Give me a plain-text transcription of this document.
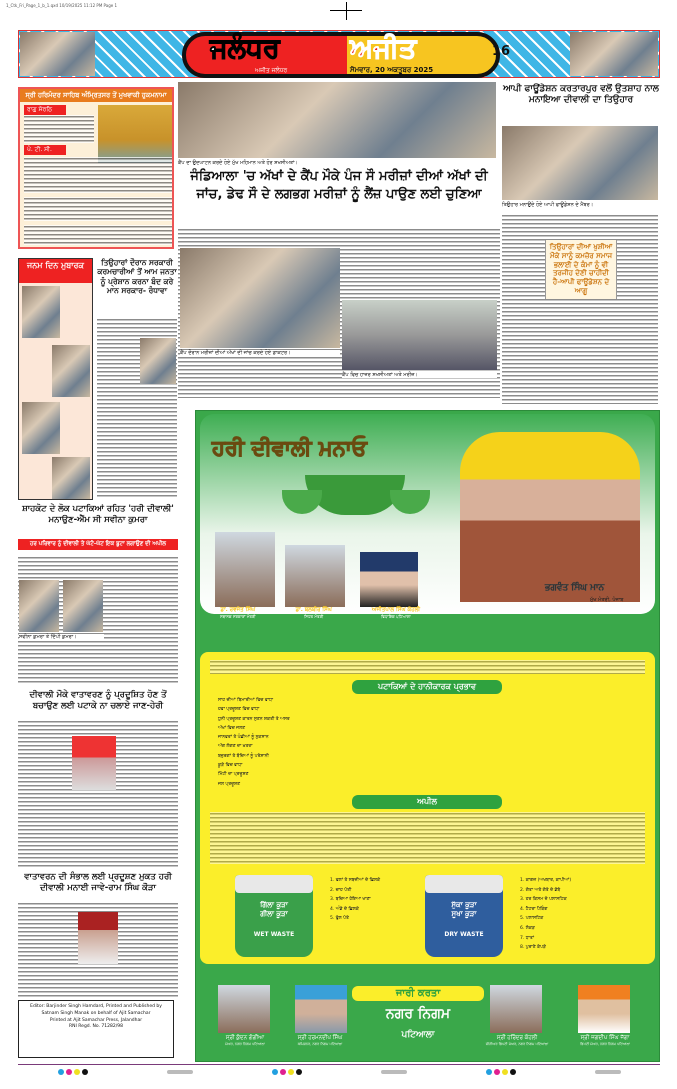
1_Ctk_Fri_Page_1_b_1.qxd 10/19/2025 11:12 PM Page 1
ਜਲੰਧਰ	ਅਜੀਤ
ਅਜੀਤ ਜਲੰਧਰ	ਸੋਮਵਾਰ, 20 ਅਕਤੂਬਰ 2025
16
ਸ੍ਰੀ ਹਰਿਮੰਦਰ ਸਾਹਿਬ ਅੰਮ੍ਰਿਤਸਰ ਤੋਂ ਮੁਖਵਾਕੀ ਹੁਕਮਨਾਮਾ
ਰਾਗੁ ਸੋਰਠਿ
ਪੰ. ਟੀ. ਸੀ.
ਜਨਮ ਦਿਨ ਮੁਬਾਰਕ	ਤਿਉਹਾਰਾਂ ਦੌਰਾਨ ਸਰਕਾਰੀ ਕਰਮਚਾਰੀਆਂ ਤੋਂ ਆਮ ਜਨਤਾ ਨੂੰ ਪ੍ਰੇਸ਼ਾਨ ਕਰਨਾ ਬੰਦ ਕਰੇ ਮਾਨ ਸਰਕਾਰ- ਰੰਧਾਵਾ
ਸ਼ਾਹਕੋਟ ਦੇ ਲੋਕ ਪਟਾਕਿਆਂ ਰਹਿਤ 'ਹਰੀ ਦੀਵਾਲੀ' ਮਨਾਉਣ-ਐੱਮ ਸੀ ਸਵੀਨਾ ਕੁਮਰਾ
ਹਰ ਪਰਿਵਾਰ ਨੂੰ ਦੀਵਾਲੀ ਤੇ ਘੱਟੋ-ਘੱਟ ਇਕ ਬੂਟਾ ਲਗਾਉਣ ਦੀ ਅਪੀਲ
ਸਵੀਨਾ ਕੁਮਰਾ ਤੇ ਦਿੱਪੀ ਕੁਮਰਾ।
ਦੀਵਾਲੀ ਮੌਕੇ ਵਾਤਾਵਰਣ ਨੂੰ ਪ੍ਰਦੂਸ਼ਿਤ ਹੋਣ ਤੋਂ ਬਚਾਉਣ ਲਈ ਪਟਾਕੇ ਨਾ ਚਲਾਏ ਜਾਣ-ਹੇਰੀ
ਵਾਤਾਵਰਨ ਦੀ ਸੰਭਾਲ ਲਈ ਪ੍ਰਦੂਸ਼ਣ ਮੁਕਤ ਹਰੀ ਦੀਵਾਲੀ ਮਨਾਈ ਜਾਵੇ-ਰਾਮ ਸਿੰਘ ਕੌੜਾ
Editor: Barjinder Singh Hamdard, Printed and Published by Satnam Singh Manak on behalf of Ajit Samachar
Printed at Ajit Samachar Press, Jalandhar
RNI Regd. No. 71282/98
ਕੈਂਪ ਦਾ ਉਦਘਾਟਨ ਕਰਦੇ ਹੋਏ ਮੁੱਖ ਮਹਿਮਾਨ ਅਤੇ ਹੋਰ ਸ਼ਖਸੀਅਤਾਂ।
ਜੰਡਿਆਲਾ 'ਚ ਅੱਖਾਂ ਦੇ ਕੈਂਪ ਮੌਕੇ ਪੰਜ ਸੌ ਮਰੀਜ਼ਾਂ ਦੀਆਂ ਅੱਖਾਂ ਦੀ ਜਾਂਚ, ਡੇਢ ਸੌ ਦੇ ਲਗਭਗ ਮਰੀਜ਼ਾਂ ਨੂੰ ਲੈਂਜ਼ ਪਾਉਣ ਲਈ ਚੁਣਿਆ
ਕੈਂਪ ਦੌਰਾਨ ਮਰੀਜ਼ਾਂ ਦੀਆਂ ਅੱਖਾਂ ਦੀ ਜਾਂਚ ਕਰਦੇ ਹੋਏ ਡਾਕਟਰ।
ਕੈਂਪ ਵਿਚ ਹਾਜ਼ਰ ਸ਼ਖਸੀਅਤਾਂ ਅਤੇ ਮਰੀਜ਼।
ਆਪੀ ਫਾਊਂਡੇਸ਼ਨ ਕਰਤਾਰਪੁਰ ਵਲੋਂ ਉਤਸ਼ਾਹ ਨਾਲ ਮਨਾਇਆ ਦੀਵਾਲੀ ਦਾ ਤਿਉਹਾਰ
ਤਿਉਹਾਰ ਮਨਾਉਂਦੇ ਹੋਏ ਆਪੀ ਫਾਊਂਡੇਸ਼ਨ ਦੇ ਮੈਂਬਰ।
ਤਿਉਹਾਰਾਂ ਦੀਆਂ ਖੁਸ਼ੀਆਂ ਮੌਕੇ ਸਾਨੂੰ ਕਮਜ਼ੋਰ ਸਮਾਜ ਭਲਾਈ ਦੇ ਕੰਮਾਂ ਨੂੰ ਵੀ ਤਰਜੀਹ ਦੇਣੀ ਚਾਹੀਦੀ ਹੈ-ਆਪੀ ਫਾਊਂਡੇਸ਼ਨ ਦੇ ਆਗੂ
ਹਰੀ ਦੀਵਾਲੀ ਮਨਾਓ
ਭਗਵੰਤ ਸਿੰਘ ਮਾਨ
ਮੁੱਖ ਮੰਤਰੀ, ਪੰਜਾਬ
ਡਾ. ਰਵਜੋਤ ਸਿੰਘ
ਸਥਾਨਕ ਸਰਕਾਰਾਂ ਮੰਤਰੀ
ਡਾ. ਬਲਬੀਰ ਸਿੰਘ
ਸਿਹਤ ਮੰਤਰੀ
ਅਜੀਤਪਾਲ ਸਿੰਘ ਕੋਹਲੀ
ਵਿਧਾਇਕ ਪਟਿਆਲਾ
ਪਟਾਕਿਆਂ ਦੇ ਹਾਨੀਕਾਰਕ ਪ੍ਰਭਾਵ
ਸਾਹ ਦੀਆਂ ਬਿਮਾਰੀਆਂ ਵਿਚ ਵਾਧਾ
ਹਵਾ ਪ੍ਰਦੂਸ਼ਣ ਵਿਚ ਵਾਧਾ
ਧੁਨੀ ਪ੍ਰਦੂਸ਼ਣ ਕਾਰਨ ਸੁਣਨ ਸ਼ਕਤੀ ਤੇ ਅਸਰ
ਅੱਖਾਂ ਵਿਚ ਜਲਣ
ਜਾਨਵਰਾਂ ਤੇ ਪੰਛੀਆਂ ਨੂੰ ਨੁਕਸਾਨ
ਅੱਗ ਲੱਗਣ ਦਾ ਖ਼ਤਰਾ
ਬਜ਼ੁਰਗਾਂ ਤੇ ਬੱਚਿਆਂ ਨੂੰ ਪਰੇਸ਼ਾਨੀ
ਕੂੜੇ ਵਿਚ ਵਾਧਾ
ਮਿੱਟੀ ਦਾ ਪ੍ਰਦੂਸ਼ਣ
ਜਲ ਪ੍ਰਦੂਸ਼ਣ
ਅਪੀਲ
ਗਿੱਲਾ ਕੂੜਾ
ਗੀਲਾ ਕੂੜਾ
WET WASTE
1. ਫਲਾਂ ਤੇ ਸਬਜ਼ੀਆਂ ਦੇ ਛਿਲਕੇ
2. ਚਾਹ ਪੱਤੀ
3. ਬਚਿਆ ਹੋਇਆ ਖਾਣਾ
4. ਅੰਡੇ ਦੇ ਛਿਲਕੇ
5. ਫੁੱਲ ਪੱਤੇ
ਸੁੱਕਾ ਕੂੜਾ
ਸੂਖਾ ਕੂੜਾ
DRY WASTE
1. ਕਾਗਜ਼ (ਅਖਬਾਰ, ਕਾਪੀਆਂ)
2. ਗੱਤਾ ਅਤੇ ਗੱਤੇ ਦੇ ਡੱਬੇ
3. ਹਰ ਕਿਸਮ ਦੇ ਪਲਾਸਟਿਕ
4. ਟੈਟਰਾ ਪੈਕਿੰਗ
5. ਪਲਾਸਟਿਕ
6. ਲੱਕੜ
7. ਧਾਤਾਂ
8. ਪੁਰਾਣੇ ਕੱਪੜੇ
ਜਾਰੀ ਕਰਤਾ
ਨਗਰ ਨਿਗਮ
ਪਟਿਆਲਾ
ਸ੍ਰੀ ਕੁੰਦਨ ਗੋਗੀਆ
ਮੇਅਰ, ਨਗਰ ਨਿਗਮ ਪਟਿਆਲਾ
ਸ੍ਰੀ ਹਰਮਨਦੀਪ ਸਿੰਘ
ਕਮਿਸ਼ਨਰ, ਨਗਰ ਨਿਗਮ ਪਟਿਆਲਾ
ਸ੍ਰੀ ਹਰਿੰਦਰ ਕੋਹਲੀ
ਸੀਨੀਅਰ ਡਿਪਟੀ ਮੇਅਰ, ਨਗਰ ਨਿਗਮ ਪਟਿਆਲਾ
ਸ੍ਰੀ ਜਗਦੀਪ ਸਿੰਘ ਜੱਗਾ
ਡਿਪਟੀ ਮੇਅਰ, ਨਗਰ ਨਿਗਮ ਪਟਿਆਲਾ
